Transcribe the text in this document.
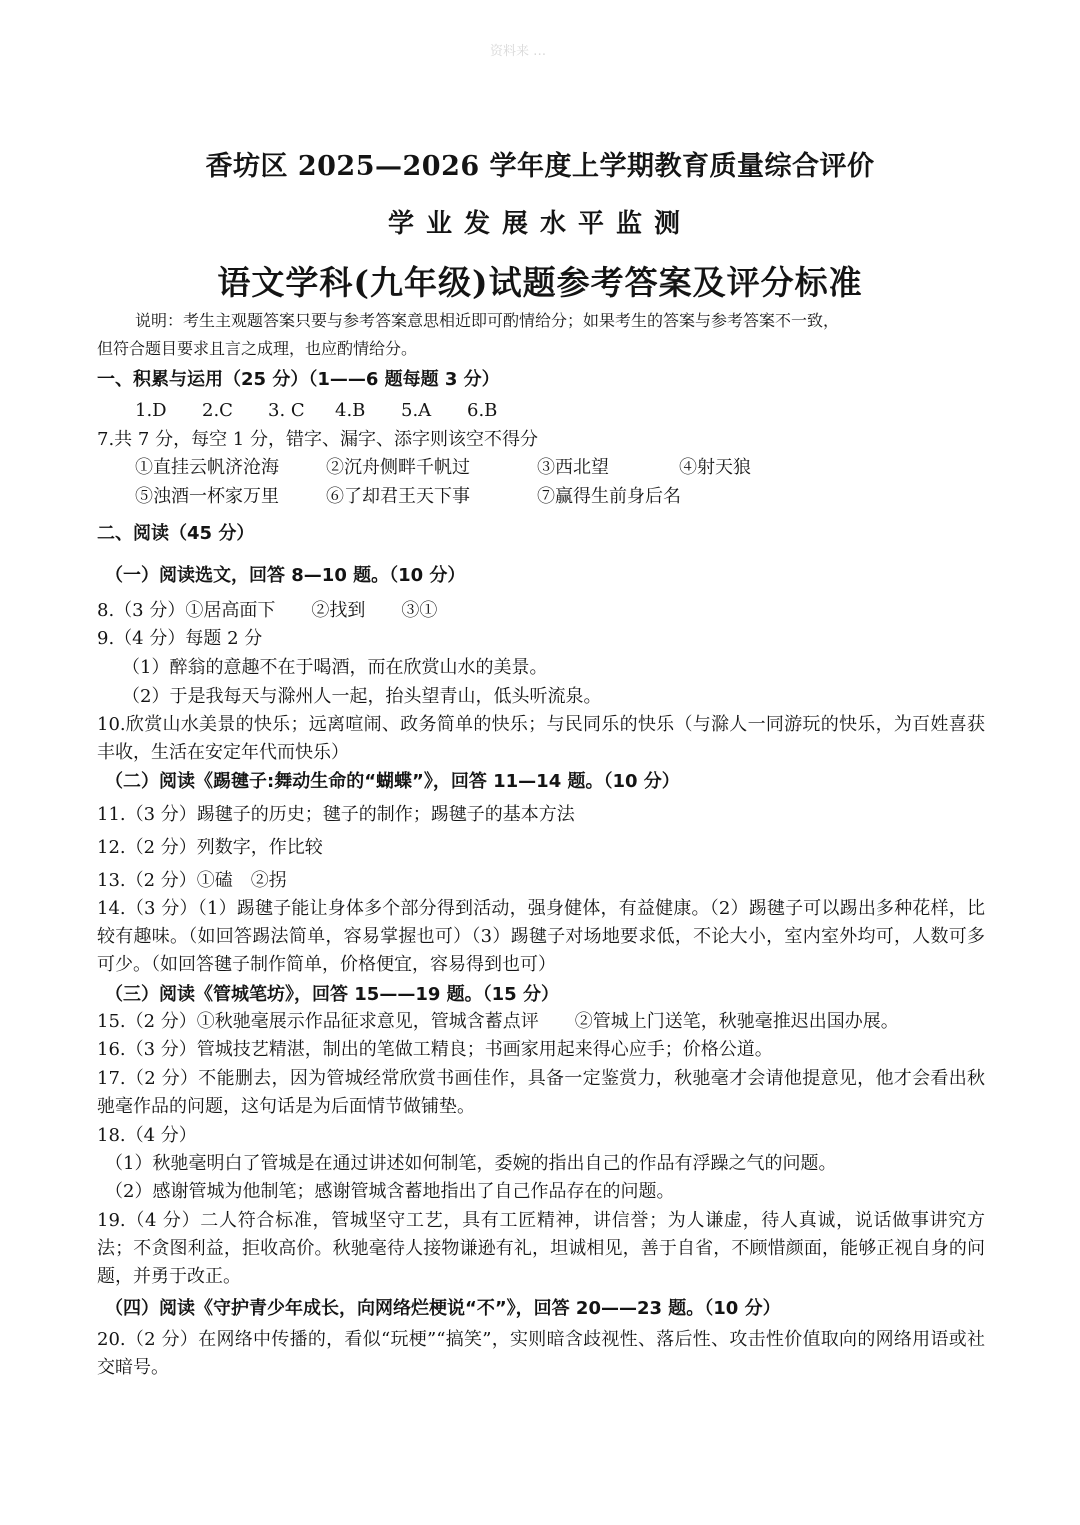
资料来 …
香坊区 2025—2026 学年度上学期教育质量综合评价
学业发展水平监测
语文学科(九年级)试题参考答案及评分标准
说明：考生主观题答案只要与参考答案意思相近即可酌情给分；如果考生的答案与参考答案不一致，
但符合题目要求且言之成理，也应酌情给分。
一、积累与运用（25 分）（1——6 题每题 3 分）
1.D 2.C 3. C 4.B 5.A 6.B
7.共 7 分，每空 1 分，错字、漏字、添字则该空不得分
①直挂云帆济沧海	②沉舟侧畔千帆过	③西北望	④射天狼
⑤浊酒一杯家万里	⑥了却君王天下事	⑦赢得生前身后名
二、阅读（45 分）
（一）阅读选文，回答 8—10 题。（10 分）
8.（3 分）①居高面下　　②找到　　③①
9.（4 分）每题 2 分
（1）醉翁的意趣不在于喝酒，而在欣赏山水的美景。
（2）于是我每天与滁州人一起，抬头望青山，低头听流泉。
10.欣赏山水美景的快乐；远离喧闹、政务简单的快乐；与民同乐的快乐（与滁人一同游玩的快乐，为百姓喜获丰收，生活在安定年代而快乐）
（二）阅读《踢毽子:舞动生命的“蝴蝶”》，回答 11—14 题。（10 分）
11.（3 分）踢毽子的历史；毽子的制作；踢毽子的基本方法
12.（2 分）列数字，作比较
13.（2 分）①磕　②拐
14.（3 分）（1）踢毽子能让身体多个部分得到活动，强身健体，有益健康。（2）踢毽子可以踢出多种花样，比较有趣味。（如回答踢法简单，容易掌握也可）（3）踢毽子对场地要求低，不论大小，室内室外均可，人数可多可少。（如回答毽子制作简单，价格便宜，容易得到也可）
（三）阅读《管城笔坊》，回答 15——19 题。（15 分）
15.（2 分）①秋驰毫展示作品征求意见，管城含蓄点评　　②管城上门送笔，秋驰毫推迟出国办展。
16.（3 分）管城技艺精湛，制出的笔做工精良；书画家用起来得心应手；价格公道。
17.（2 分）不能删去，因为管城经常欣赏书画佳作，具备一定鉴赏力，秋驰毫才会请他提意见，他才会看出秋驰毫作品的问题，这句话是为后面情节做铺垫。
18.（4 分）
（1）秋驰毫明白了管城是在通过讲述如何制笔，委婉的指出自己的作品有浮躁之气的问题。
（2）感谢管城为他制笔；感谢管城含蓄地指出了自己作品存在的问题。
19.（4 分）二人符合标准，管城坚守工艺，具有工匠精神，讲信誉；为人谦虚，待人真诚，说话做事讲究方法；不贪图利益，拒收高价。秋驰毫待人接物谦逊有礼，坦诚相见，善于自省，不顾惜颜面，能够正视自身的问题，并勇于改正。
（四）阅读《守护青少年成长，向网络烂梗说“不”》，回答 20——23 题。（10 分）
20.（2 分）在网络中传播的，看似“玩梗”“搞笑”，实则暗含歧视性、落后性、攻击性价值取向的网络用语或社交暗号。
